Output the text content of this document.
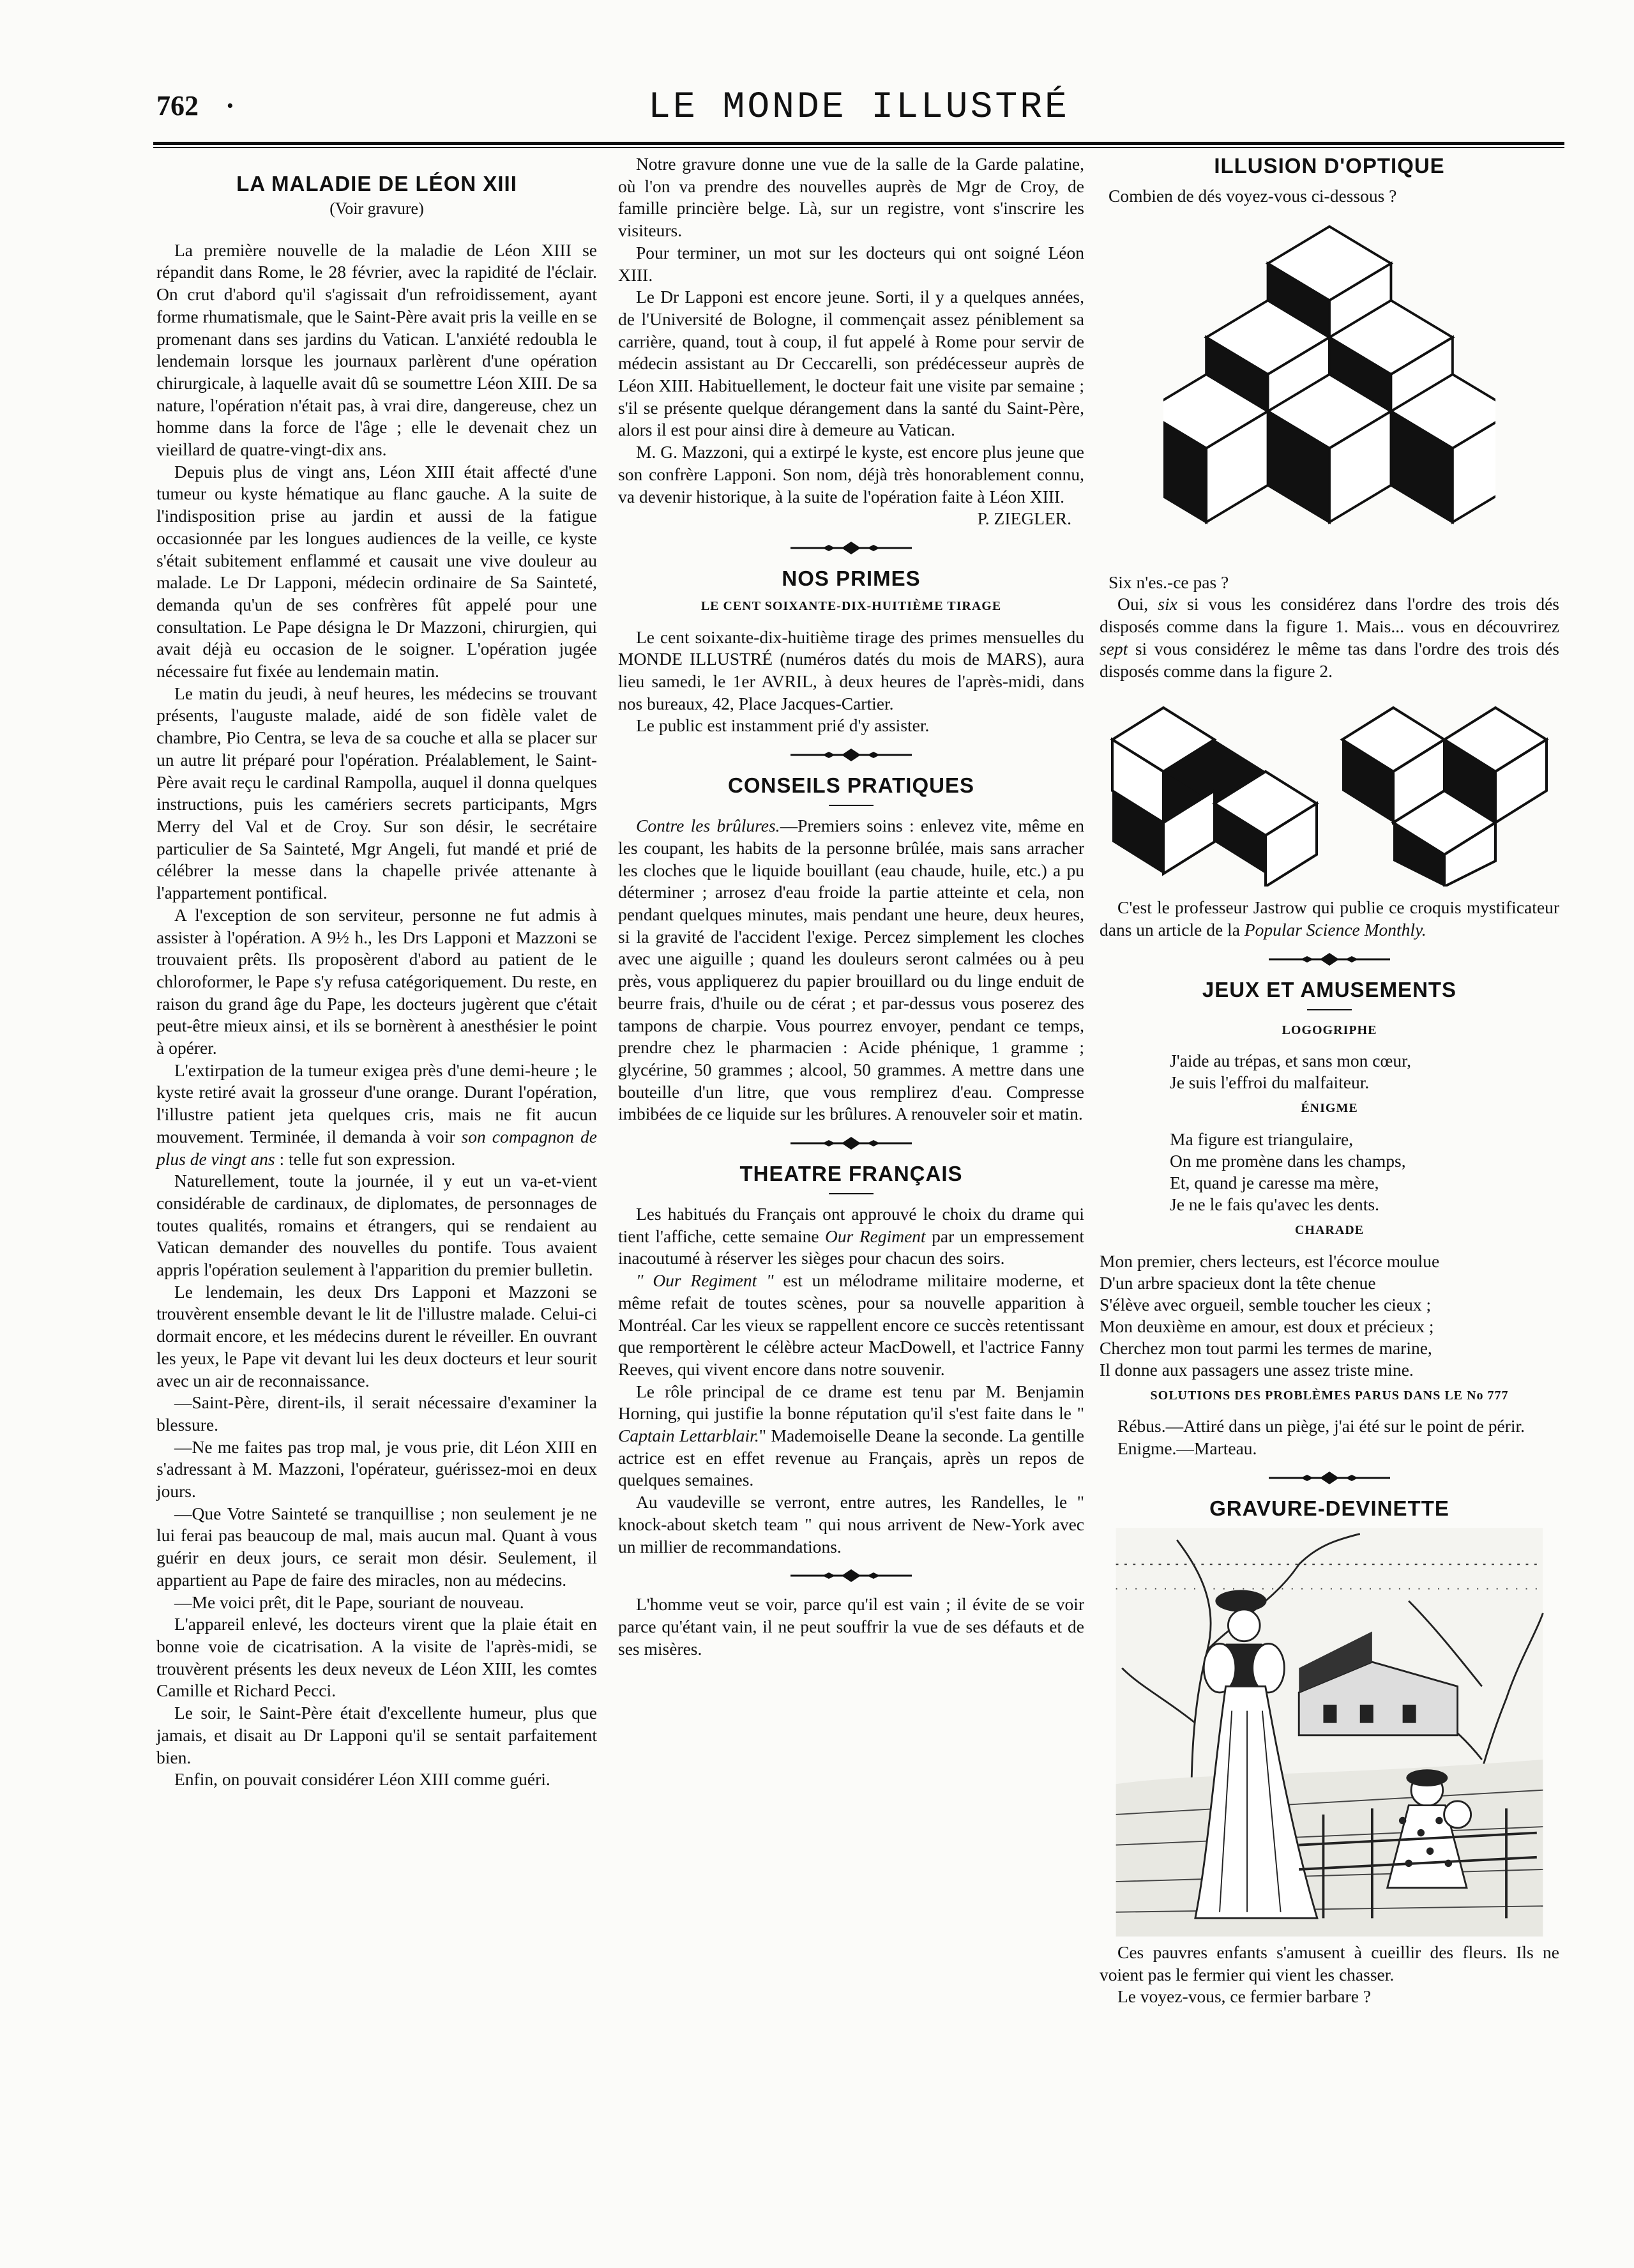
762 ·	LE MONDE ILLUSTRÉ
LA MALADIE DE LÉON XIII
(Voir gravure)

La première nouvelle de la maladie de Léon XIII se répandit dans Rome, le 28 février, avec la rapidité de l'éclair. On crut d'abord qu'il s'agissait d'un refroidissement, ayant forme rhumatismale, que le Saint-Père avait pris la veille en se promenant dans ses jardins du Vatican. L'anxiété redoubla le lendemain lorsque les journaux parlèrent d'une opération chirurgicale, à laquelle avait dû se soumettre Léon XIII. De sa nature, l'opération n'était pas, à vrai dire, dangereuse, chez un homme dans la force de l'âge ; elle le devenait chez un vieillard de quatre-vingt-dix ans.

Depuis plus de vingt ans, Léon XIII était affecté d'une tumeur ou kyste hématique au flanc gauche. A la suite de l'indisposition prise au jardin et aussi de la fatigue occasionnée par les longues audiences de la veille, ce kyste s'était subitement enflammé et causait une vive douleur au malade. Le Dr Lapponi, médecin ordinaire de Sa Sainteté, demanda qu'un de ses confrères fût appelé pour une consultation. Le Pape désigna le Dr Mazzoni, chirurgien, qui avait déjà eu occasion de le soigner. L'opération jugée nécessaire fut fixée au lendemain matin.

Le matin du jeudi, à neuf heures, les médecins se trouvant présents, l'auguste malade, aidé de son fidèle valet de chambre, Pio Centra, se leva de sa couche et alla se placer sur un autre lit préparé pour l'opération. Préalablement, le Saint-Père avait reçu le cardinal Rampolla, auquel il donna quelques instructions, puis les camériers secrets participants, Mgrs Merry del Val et de Croy. Sur son désir, le secrétaire particulier de Sa Sainteté, Mgr Angeli, fut mandé et prié de célébrer la messe dans la chapelle privée attenante à l'appartement pontifical.

A l'exception de son serviteur, personne ne fut admis à assister à l'opération. A 9½ h., les Drs Lapponi et Mazzoni se trouvaient prêts. Ils proposèrent d'abord au patient de le chloroformer, le Pape s'y refusa catégoriquement. Du reste, en raison du grand âge du Pape, les docteurs jugèrent que c'était peut-être mieux ainsi, et ils se bornèrent à anesthésier le point à opérer.

L'extirpation de la tumeur exigea près d'une demi-heure ; le kyste retiré avait la grosseur d'une orange. Durant l'opération, l'illustre patient jeta quelques cris, mais ne fit aucun mouvement. Terminée, il demanda à voir son compagnon de plus de vingt ans : telle fut son expression.

Naturellement, toute la journée, il y eut un va-et-vient considérable de cardinaux, de diplomates, de personnages de toutes qualités, romains et étrangers, qui se rendaient au Vatican demander des nouvelles du pontife. Tous avaient appris l'opération seulement à l'apparition du premier bulletin.

Le lendemain, les deux Drs Lapponi et Mazzoni se trouvèrent ensemble devant le lit de l'illustre malade. Celui-ci dormait encore, et les médecins durent le réveiller. En ouvrant les yeux, le Pape vit devant lui les deux docteurs et leur sourit avec un air de reconnaissance.

—Saint-Père, dirent-ils, il serait nécessaire d'examiner la blessure.

—Ne me faites pas trop mal, je vous prie, dit Léon XIII en s'adressant à M. Mazzoni, l'opérateur, guérissez-moi en deux jours.

—Que Votre Sainteté se tranquillise ; non seulement je ne lui ferai pas beaucoup de mal, mais aucun mal. Quant à vous guérir en deux jours, ce serait mon désir. Seulement, il appartient au Pape de faire des miracles, non au médecins.

—Me voici prêt, dit le Pape, souriant de nouveau.

L'appareil enlevé, les docteurs virent que la plaie était en bonne voie de cicatrisation. A la visite de l'après-midi, se trouvèrent présents les deux neveux de Léon XIII, les comtes Camille et Richard Pecci.

Le soir, le Saint-Père était d'excellente humeur, plus que jamais, et disait au Dr Lapponi qu'il se sentait parfaitement bien.

Enfin, on pouvait considérer Léon XIII comme guéri.

Notre gravure donne une vue de la salle de la Garde palatine, où l'on va prendre des nouvelles auprès de Mgr de Croy, de famille princière belge. Là, sur un registre, vont s'inscrire les visiteurs.

Pour terminer, un mot sur les docteurs qui ont soigné Léon XIII.

Le Dr Lapponi est encore jeune. Sorti, il y a quelques années, de l'Université de Bologne, il commençait assez péniblement sa carrière, quand, tout à coup, il fut appelé à Rome pour servir de médecin assistant au Dr Ceccarelli, son prédécesseur auprès de Léon XIII. Habituellement, le docteur fait une visite par semaine ; s'il se présente quelque dérangement dans la santé du Saint-Père, alors il est pour ainsi dire à demeure au Vatican.

M. G. Mazzoni, qui a extirpé le kyste, est encore plus jeune que son confrère Lapponi. Son nom, déjà très honorablement connu, va devenir historique, à la suite de l'opération faite à Léon XIII.

P. ZIEGLER.
NOS PRIMES
LE CENT SOIXANTE-DIX-HUITIÈME TIRAGE

Le cent soixante-dix-huitième tirage des primes mensuelles du MONDE ILLUSTRÉ (numéros datés du mois de MARS), aura lieu samedi, le 1er AVRIL, à deux heures de l'après-midi, dans nos bureaux, 42, Place Jacques-Cartier.

Le public est instamment prié d'y assister.

CONSEILS PRATIQUES

Contre les brûlures.—Premiers soins : enlevez vite, même en les coupant, les habits de la personne brûlée, mais sans arracher les cloches que le liquide bouillant (eau chaude, huile, etc.) a pu déterminer ; arrosez d'eau froide la partie atteinte et cela, non pendant quelques minutes, mais pendant une heure, deux heures, si la gravité de l'accident l'exige. Percez simplement les cloches avec une aiguille ; quand les douleurs seront calmées ou à peu près, vous appliquerez du papier brouillard ou du linge enduit de beurre frais, d'huile ou de cérat ; et par-dessus vous poserez des tampons de charpie. Vous pourrez envoyer, pendant ce temps, prendre chez le pharmacien : Acide phénique, 1 gramme ; glycérine, 50 grammes ; alcool, 50 grammes. A mettre dans une bouteille d'un litre, que vous remplirez d'eau. Compresse imbibées de ce liquide sur les brûlures. A renouveler soir et matin.

THEATRE FRANÇAIS

Les habitués du Français ont approuvé le choix du drame qui tient l'affiche, cette semaine Our Regiment par un empressement inacoutumé à réserver les sièges pour chacun des soirs.

" Our Regiment " est un mélodrame militaire moderne, et même refait de toutes scènes, pour sa nouvelle apparition à Montréal. Car les vieux se rappellent encore ce succès retentissant que remportèrent le célèbre acteur MacDowell, et l'actrice Fanny Reeves, qui vivent encore dans notre souvenir.

Le rôle principal de ce drame est tenu par M. Benjamin Horning, qui justifie la bonne réputation qu'il s'est faite dans le " Captain Lettarblair." Mademoiselle Deane la seconde. La gentille actrice est en effet revenue au Français, après un repos de quelques semaines.

Au vaudeville se verront, entre autres, les Randelles, le " knock-about sketch team " qui nous arrivent de New-York avec un millier de recommandations.

L'homme veut se voir, parce qu'il est vain ; il évite de se voir parce qu'étant vain, il ne peut souffrir la vue de ses défauts et de ses misères.

ILLUSION D'OPTIQUE

Combien de dés voyez-vous ci-dessous ?

Six n'es.-ce pas ?

Oui, six si vous les considérez dans l'ordre des trois dés disposés comme dans la figure 1. Mais... vous en découvrirez sept si vous considérez le même tas dans l'ordre des trois dés disposés comme dans la figure 2.

C'est le professeur Jastrow qui publie ce croquis mystificateur dans un article de la Popular Science Monthly.

JEUX ET AMUSEMENTS
LOGOGRIPHE
J'aide au trépas, et sans mon cœur,
Je suis l'effroi du malfaiteur.
ÉNIGME
Ma figure est triangulaire,
On me promène dans les champs,
Et, quand je caresse ma mère,
Je ne le fais qu'avec les dents.
CHARADE
Mon premier, chers lecteurs, est l'écorce moulue
D'un arbre spacieux dont la tête chenue
S'élève avec orgueil, semble toucher les cieux ;
Mon deuxième en amour, est doux et précieux ;
Cherchez mon tout parmi les termes de marine,
Il donne aux passagers une assez triste mine.
SOLUTIONS DES PROBLÈMES PARUS DANS LE No 777

Rébus.—Attiré dans un piège, j'ai été sur le point de périr.

Enigme.—Marteau.

GRAVURE-DEVINETTE

Ces pauvres enfants s'amusent à cueillir des fleurs. Ils ne voient pas le fermier qui vient les chasser.

Le voyez-vous, ce fermier barbare ?
